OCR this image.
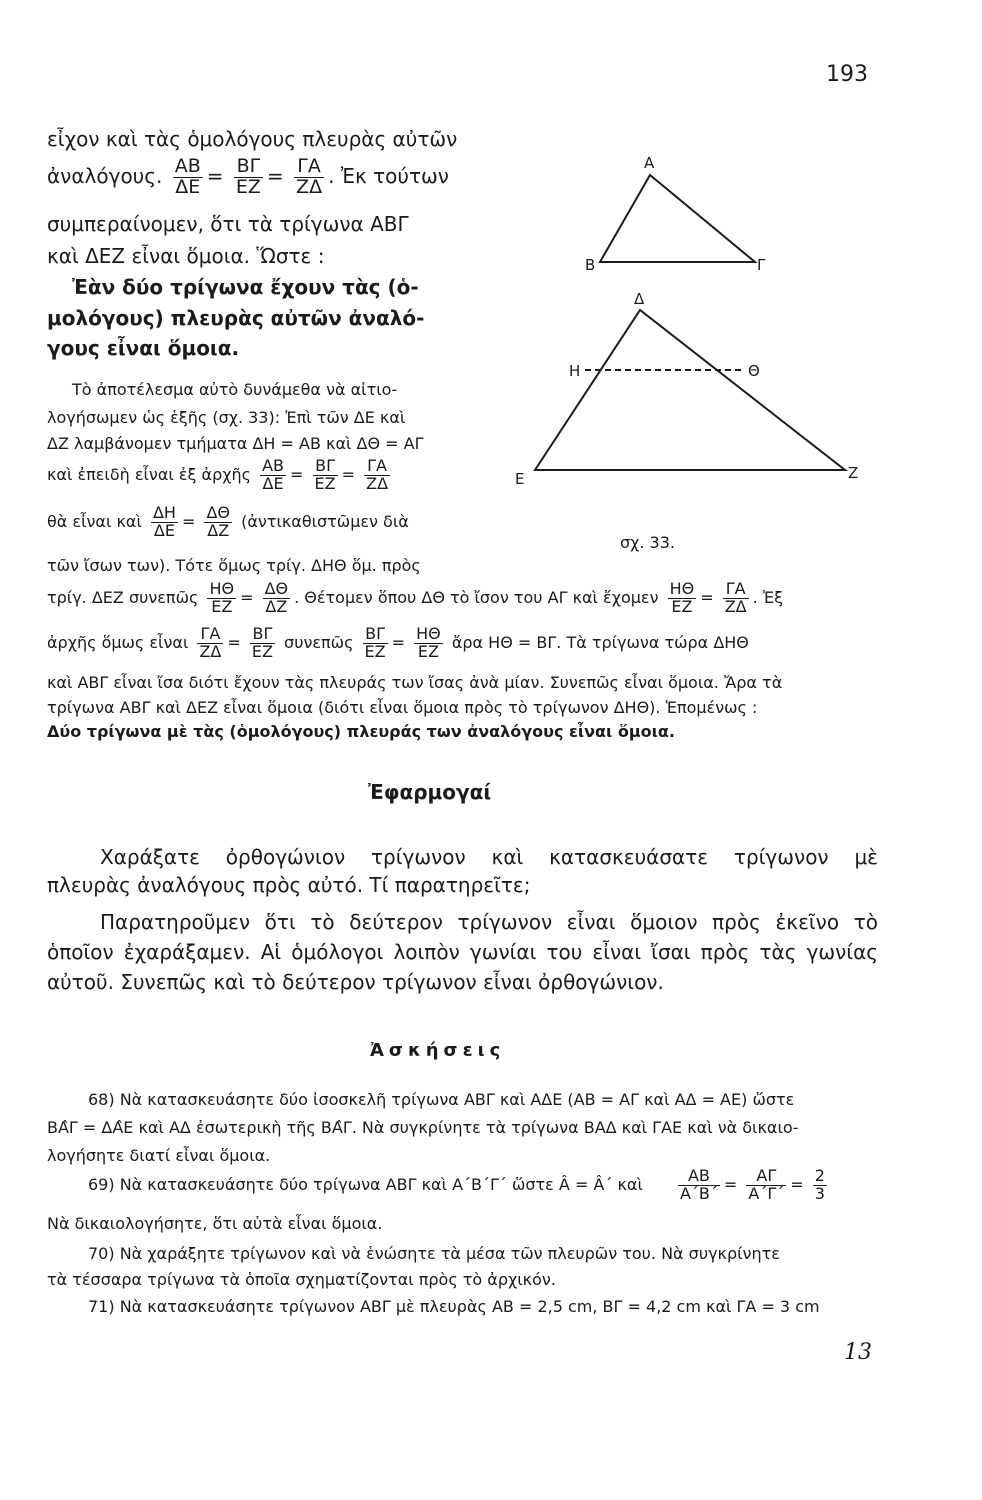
193
εἶχον καὶ τὰς ὁμολόγους πλευρὰς αὐτῶν
ἀναλόγους. $\frac{AB}{\Delta E} = \frac{B\Gamma}{EZ} = \frac{\Gamma A}{Z\Delta}$ . Ἐκ τούτων
συμπεραίνομεν, ὅτι τὰ τρίγωνα ΑΒΓ
καὶ ΔΕΖ εἶναι ὅμοια. Ὥστε :
Ἐὰν δύο τρίγωνα ἔχουν τὰς (ὁ-
μολόγους) πλευρὰς αὐτῶν ἀναλό-
γους εἶναι ὅμοια.
Τὸ ἀποτέλεσμα αὐτὸ δυνάμεθα νὰ αἰτιο-
λογήσωμεν ὡς ἑξῆς (σχ. 33): Ἐπὶ τῶν ΔΕ καὶ
ΔΖ λαμβάνομεν τμήματα ΔΗ = ΑΒ καὶ ΔΘ = ΑΓ
καὶ ἐπειδὴ εἶναι ἐξ ἀρχῆς $\frac{AB}{\Delta E} = \frac{B\Gamma}{EZ} = \frac{\Gamma A}{Z\Delta}$
θὰ εἶναι καὶ $\frac{\Delta H}{\Delta E} = \frac{\Delta\Theta}{\Delta Z}$ (ἀντικαθιστῶμεν διὰ
τῶν ἴσων των). Τότε ὅμως τρίγ. ΔΗΘ ὅμ. πρὸς
τρίγ. ΔΕΖ συνεπῶς $\frac{H\Theta}{EZ} = \frac{\Delta\Theta}{\Delta Z}$ . Θέτομεν ὅπου ΔΘ τὸ ἴσον του ΑΓ καὶ ἔχομεν $\frac{H\Theta}{EZ} = \frac{\Gamma A}{Z\Delta}$ . Ἐξ
ἀρχῆς ὅμως εἶναι $\frac{\Gamma A}{Z\Delta} = \frac{B\Gamma}{EZ}$ συνεπῶς $\frac{B\Gamma}{EZ} = \frac{H\Theta}{EZ}$ ἄρα ΗΘ = ΒΓ. Τὰ τρίγωνα τώρα ΔΗΘ
καὶ ΑΒΓ εἶναι ἴσα διότι ἔχουν τὰς πλευράς των ἴσας ἀνὰ μίαν. Συνεπῶς εἶναι ὅμοια. Ἄρα τὰ
τρίγωνα ΑΒΓ καὶ ΔΕΖ εἶναι ὅμοια (διότι εἶναι ὅμοια πρὸς τὸ τρίγωνον ΔΗΘ). Ἑπομένως :
Δύο τρίγωνα μὲ τὰς (ὁμολόγους) πλευράς των ἀναλόγους εἶναι ὅμοια.
Α
Β	Γ
Δ
Η	Θ
Ε	Ζ
σχ. 33.
Ἐφαρμογαί
Χαράξατε ὀρθογώνιον τρίγωνον καὶ κατασκευάσατε τρίγωνον μὲ
πλευρὰς ἀναλόγους πρὸς αὐτό. Τί παρατηρεῖτε;
Παρατηροῦμεν ὅτι τὸ δεύτερον τρίγωνον εἶναι ὅμοιον πρὸς ἐκεῖνο τὸ
ὁποῖον ἐχαράξαμεν. Αἱ ὁμόλογοι λοιπὸν γωνίαι του εἶναι ἴσαι πρὸς τὰς γωνίας
αὐτοῦ. Συνεπῶς καὶ τὸ δεύτερον τρίγωνον εἶναι ὀρθογώνιον.
Ἀσκήσεις
68) Νὰ κατασκευάσητε δύο ἰσοσκελῆ τρίγωνα ΑΒΓ καὶ ΑΔΕ (ΑΒ = ΑΓ καὶ ΑΔ = ΑΕ) ὥστε
ΒΑ̂Γ = ΔΑ̂Ε καὶ ΑΔ ἐσωτερικὴ τῆς ΒΑ̂Γ. Νὰ συγκρίνητε τὰ τρίγωνα ΒΑΔ καὶ ΓΑΕ καὶ νὰ δικαιο-
λογήσητε διατί εἶναι ὅμοια.
69) Νὰ κατασκευάσητε δύο τρίγωνα ΑΒΓ καὶ Α΄Β΄Γ΄ ὥστε Â = Â΄ καὶ $\frac{AB}{A΄B΄} = \frac{A\Gamma}{A΄\Gamma΄} = \frac{2}{3}$
Νὰ δικαιολογήσητε, ὅτι αὐτὰ εἶναι ὅμοια.
70) Νὰ χαράξητε τρίγωνον καὶ νὰ ἑνώσητε τὰ μέσα τῶν πλευρῶν του. Νὰ συγκρίνητε
τὰ τέσσαρα τρίγωνα τὰ ὁποῖα σχηματίζονται πρὸς τὸ ἀρχικόν.
71) Νὰ κατασκευάσητε τρίγωνον ΑΒΓ μὲ πλευρὰς ΑΒ = 2,5 cm, ΒΓ = 4,2 cm καὶ ΓΑ = 3 cm
13
